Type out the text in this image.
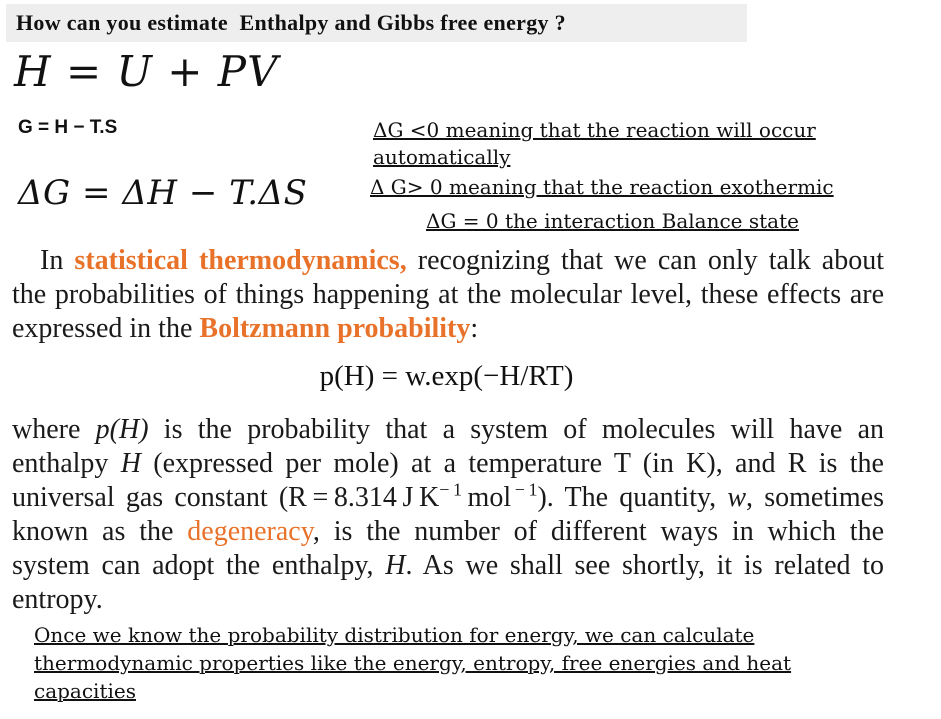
How can you estimate  Enthalpy and Gibbs free energy ?
H = U + PV
G = H − T.S
ΔG = ΔH − T.ΔS
ΔG <0 meaning that the reaction will occur automatically
Δ G> 0 meaning that the reaction exothermic
ΔG = 0 the interaction Balance state
In statistical thermodynamics, recognizing that we can only talk about the probabilities of things happening at the molecular level, these effects are expressed in the Boltzmann probability:
p(H) = w.exp(−H/RT)
where p(H) is the probability that a system of molecules will have an enthalpy H (expressed per mole) at a temperature T (in K), and R is the universal gas constant (R = 8.314 J $K^{- 1}$ mol $^{- 1}$). The quantity, w, sometimes known as the degeneracy, is the number of different ways in which the system can adopt the enthalpy, H. As we shall see shortly, it is related to entropy.
Once we know the probability distribution for energy, we can calculate thermodynamic properties like the energy, entropy, free energies and heat capacities
